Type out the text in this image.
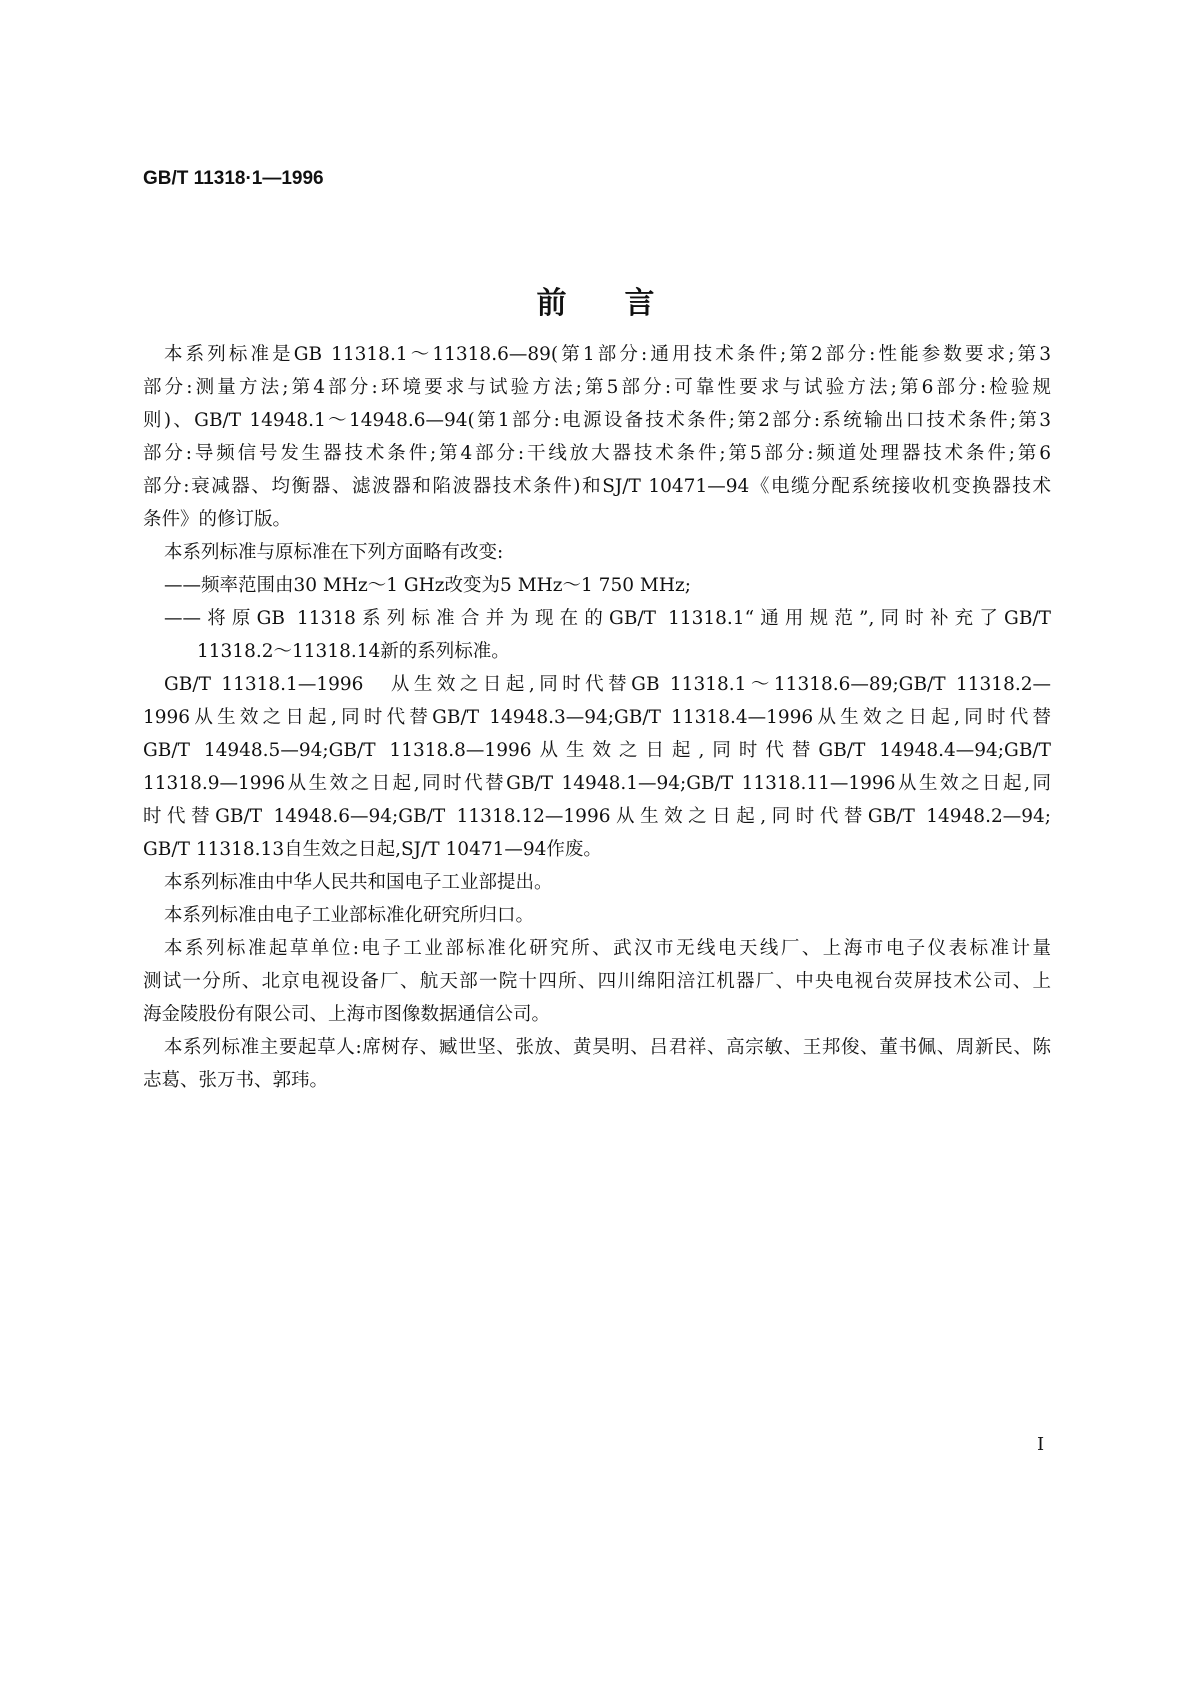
GB/T 11318·1—1996
前言
本系列标准是GB 11318.1～11318.6—89(第1部分:通用技术条件;第2部分:性能参数要求;第3
部分:测量方法;第4部分:环境要求与试验方法;第5部分:可靠性要求与试验方法;第6部分:检验规
则)、GB/T 14948.1～14948.6—94(第1部分:电源设备技术条件;第2部分:系统输出口技术条件;第3
部分:导频信号发生器技术条件;第4部分:干线放大器技术条件;第5部分:频道处理器技术条件;第6
部分:衰减器、均衡器、滤波器和陷波器技术条件)和SJ/T 10471—94《电缆分配系统接收机变换器技术
条件》的修订版。
本系列标准与原标准在下列方面略有改变:
——频率范围由30 MHz～1 GHz改变为5 MHz～1 750 MHz;
——将原GB 11318系列标准合并为现在的GB/T 11318.1“通用规范”,同时补充了GB/T
11318.2～11318.14新的系列标准。
GB/T 11318.1—1996　从生效之日起,同时代替GB 11318.1～11318.6—89;GB/T 11318.2—
1996从生效之日起,同时代替GB/T 14948.3—94;GB/T 11318.4—1996从生效之日起,同时代替
GB/T 14948.5—94;GB/T 11318.8—1996从生效之日起,同时代替GB/T 14948.4—94;GB/T
11318.9—1996从生效之日起,同时代替GB/T 14948.1—94;GB/T 11318.11—1996从生效之日起,同
时代替GB/T 14948.6—94;GB/T 11318.12—1996从生效之日起,同时代替GB/T 14948.2—94;
GB/T 11318.13自生效之日起,SJ/T 10471—94作废。
本系列标准由中华人民共和国电子工业部提出。
本系列标准由电子工业部标准化研究所归口。
本系列标准起草单位:电子工业部标准化研究所、武汉市无线电天线厂、上海市电子仪表标准计量
测试一分所、北京电视设备厂、航天部一院十四所、四川绵阳涪江机器厂、中央电视台荧屏技术公司、上
海金陵股份有限公司、上海市图像数据通信公司。
本系列标准主要起草人:席树存、臧世坚、张放、黄昊明、吕君祥、高宗敏、王邦俊、董书佩、周新民、陈
志葛、张万书、郭玮。
I
